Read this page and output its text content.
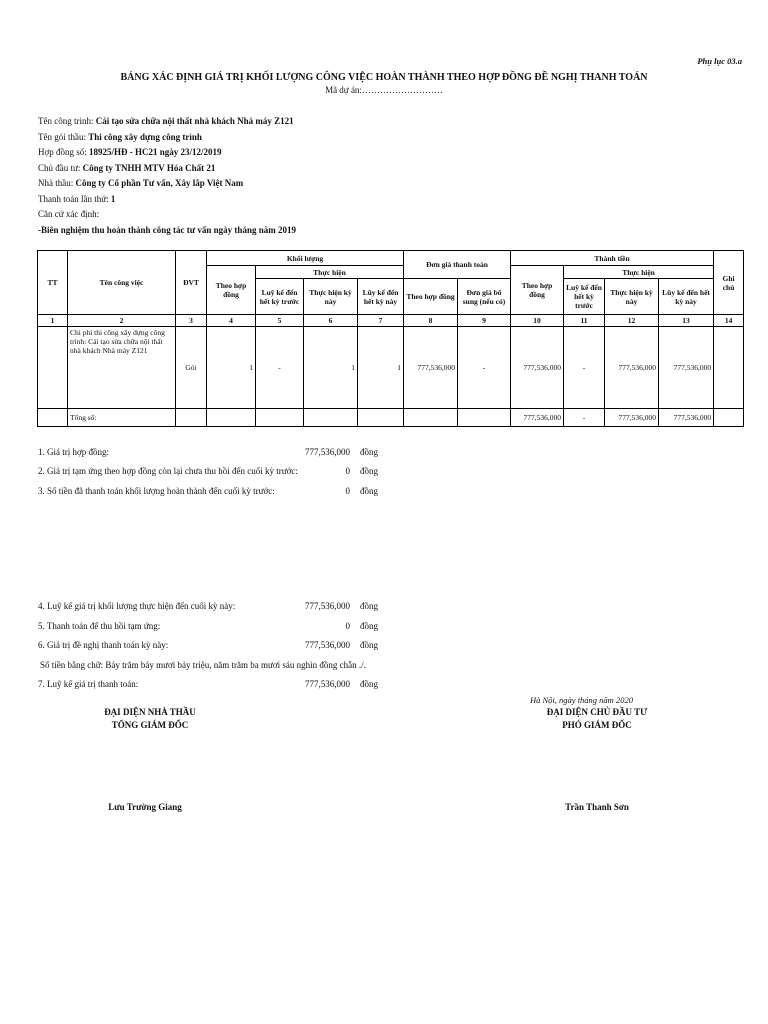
Phụ lục 03.a
BẢNG XÁC ĐỊNH GIÁ TRỊ KHỐI LƯỢNG CÔNG VIỆC HOÀN THÀNH THEO HỢP ĐỒNG ĐỀ NGHỊ THANH TOÁN
Mã dự án:………………………
Tên công trình: Cải tạo sửa chữa nội thất nhà khách Nhà máy Z121
Tên gói thầu: Thi công xây dựng công trình
Hợp đồng số: 18925/HĐ - HC21 ngày 23/12/2019
Chủ đầu tư: Công ty TNHH MTV Hóa Chất 21
Nhà thầu: Công ty Cổ phần Tư vấn, Xây lắp Việt Nam
Thanh toán lần thứ: 1
Căn cứ xác định:
-Biên nghiệm thu hoàn thành công tác tư vấn ngày tháng năm 2019
TT	Tên công việc	ĐVT	Khối lượng				Đơn giá thanh toán		Thành tiền				Ghi chú
			Theo hợp đồng	Thực hiện					Theo hợp đồng	Thực hiện			
				Luỹ kế đến hết kỳ trước	Thực hiện kỳ này	Lũy kế đến hết kỳ này	Theo hợp đồng	Đơn giá bổ sung (nếu có)		Luỹ kế đến hết kỳ trước	Thực hiện kỳ này	Lũy kế đến hết kỳ này	
1	2	3	4	5	6	7	8	9	10	11	12	13	14
	Chi phí thi công xây dựng công trình: Cải tạo sửa chữa nội thất nhà khách Nhà máy Z121	Gói	1	-	1	1	777,536,000	-	777,536,000	-	777,536,000	777,536,000	
	Tổng số:								777,536,000	-	777,536,000	777,536,000	
1. Giá trị hợp đồng:	777,536,000 đồng
2. Giá trị tạm ứng theo hợp đồng còn lại chưa thu hồi đến cuối kỳ trước:	0 đồng
3. Số tiền đã thanh toán khối lượng hoàn thành đến cuối kỳ trước:	0 đồng
4. Luỹ kế giá trị khối lượng thực hiện đến cuối kỳ này:	777,536,000 đồng
5. Thanh toán để thu hồi tạm ứng:	0 đồng
6. Giá trị đề nghị thanh toán kỳ này:	777,536,000 đồng
7. Luỹ kế giá trị thanh toán:	777,536,000 đồng
Số tiền bằng chữ: Bảy trăm bảy mươi bảy triệu, năm trăm ba mươi sáu nghìn đồng chẵn ./.
Hà Nội, ngày tháng năm 2020
ĐẠI DIỆN NHÀ THẦU
TỔNG GIÁM ĐỐC
Lưu Trường Giang
ĐẠI DIỆN CHỦ ĐẦU TƯ
PHÓ GIÁM ĐỐC
Trần Thanh Sơn
